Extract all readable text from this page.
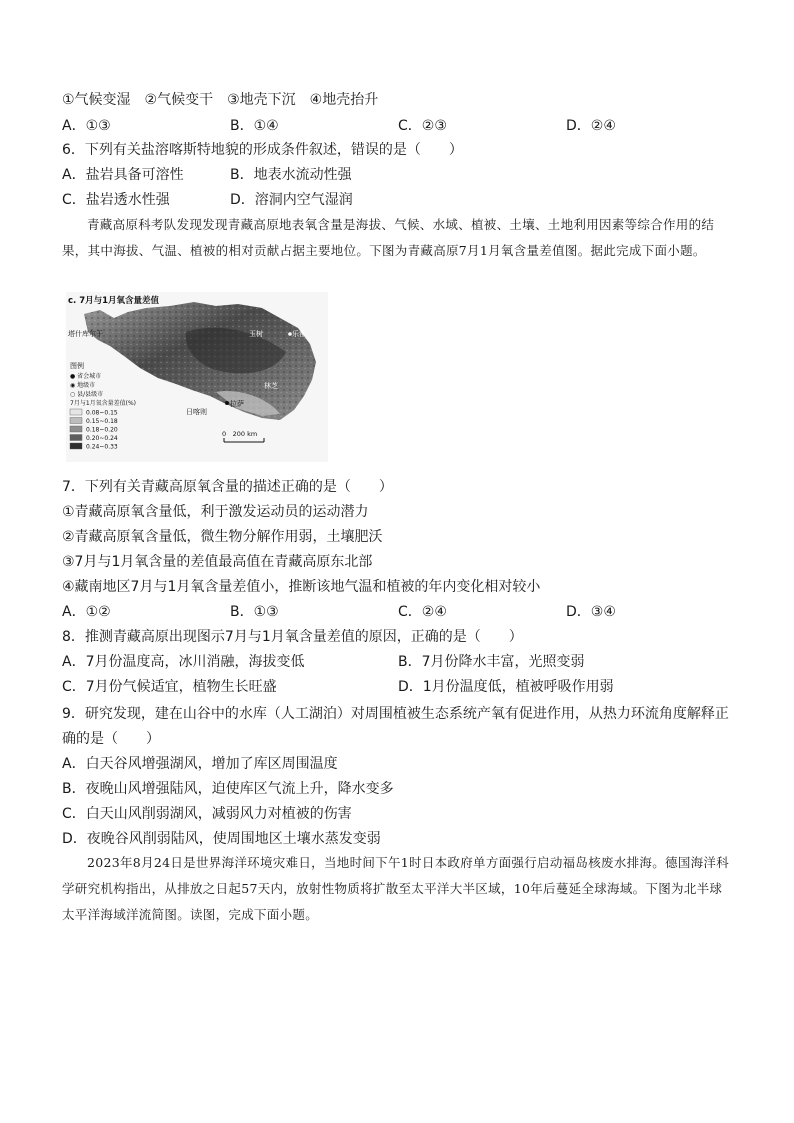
①气候变湿　②气候变干　③地壳下沉　④地壳抬升
A．①③	B．①④	C．②③	D．②④
6．下列有关盐溶喀斯特地貌的形成条件叙述，错误的是（　　）
A．盐岩具备可溶性	B．地表水流动性强
C．盐岩透水性强	D．溶洞内空气湿润

青藏高原科考队发现发现青藏高原地表氧含量是海拔、气候、水域、植被、土壤、土地利用因素等综合作用的结果，其中海拔、气温、植被的相对贡献占据主要地位。下图为青藏高原7月1月氧含量差值图。据此完成下面小题。

c. 7月与1月氧含量差值
塔什库尔干	玉树	乐都
拉萨
日喀则
林芝
图例
● 省会城市
◉ 地级市
○ 县/县级市
7月与1月氧含量差值(%)
0.08~0.15
0.15~0.18
0.18~0.20
0.20~0.24
0.24~0.33
0　200 km
7．下列有关青藏高原氧含量的描述正确的是（　　）
①青藏高原氧含量低，利于激发运动员的运动潜力
②青藏高原氧含量低，微生物分解作用弱，土壤肥沃
③7月与1月氧含量的差值最高值在青藏高原东北部
④藏南地区7月与1月氧含量差值小，推断该地气温和植被的年内变化相对较小
A．①②	B．①③	C．②④	D．③④
8．推测青藏高原出现图示7月与1月氧含量差值的原因，正确的是（　　）
A．7月份温度高，冰川消融，海拔变低	B．7月份降水丰富，光照变弱
C．7月份气候适宜，植物生长旺盛	D．1月份温度低，植被呼吸作用弱
9．研究发现，建在山谷中的水库（人工湖泊）对周围植被生态系统产氧有促进作用，从热力环流角度解释正
确的是（　　）
A．白天谷风增强湖风，增加了库区周围温度
B．夜晚山风增强陆风，迫使库区气流上升，降水变多
C．白天山风削弱湖风，减弱风力对植被的伤害
D．夜晚谷风削弱陆风，使周围地区土壤水蒸发变弱

2023年8月24日是世界海洋环境灾难日，当地时间下午1时日本政府单方面强行启动福岛核废水排海。德国海洋科学研究机构指出，从排放之日起57天内，放射性物质将扩散至太平洋大半区域，10年后蔓延全球海域。下图为北半球太平洋海域洋流简图。读图，完成下面小题。
